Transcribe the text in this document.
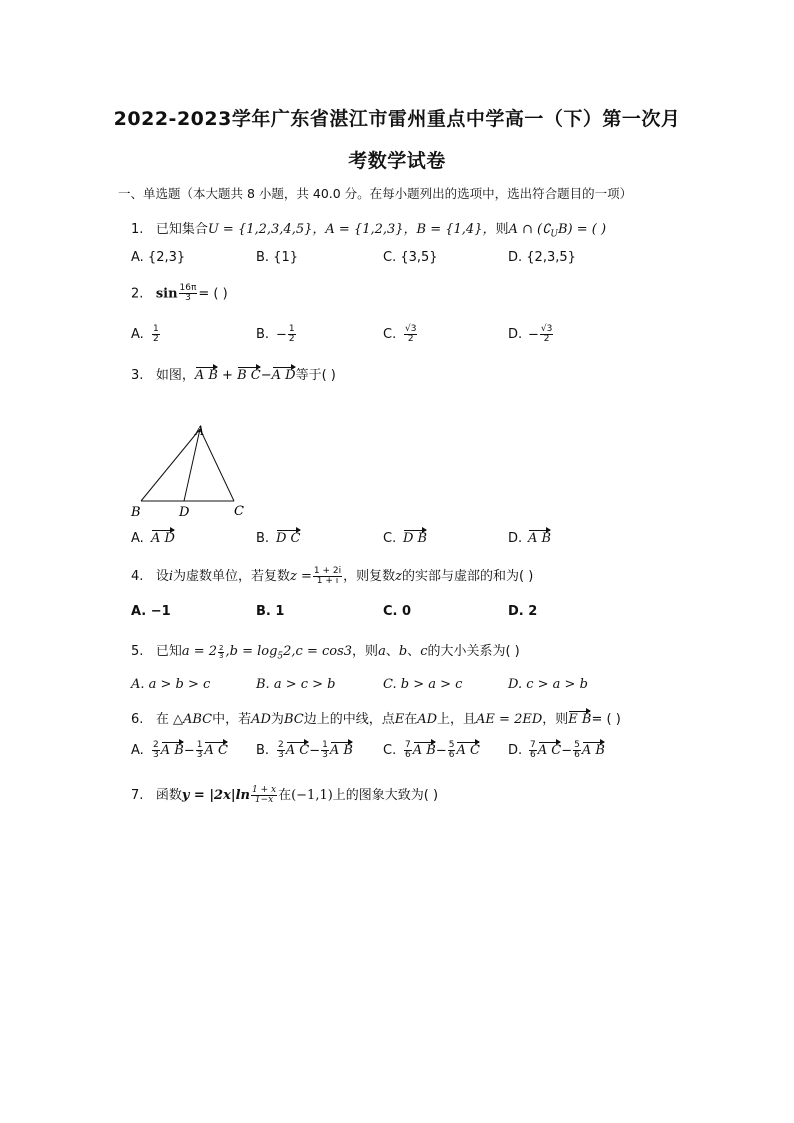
2022-2023学年广东省湛江市雷州重点中学高一（下）第一次月
考数学试卷
一、单选题（本大题共 8 小题，共 40.0 分。在每小题列出的选项中，选出符合题目的一项）
1. 已知集合U = {1,2,3,4,5}，A = {1,2,3}，B = {1,4}，则A ∩ $(∁_UB)$ = ( )
A. {2,3}	B. {1}	C. {3,5}	D. {2,3,5}
2. $\sin \frac{16\pi}{3}$ = ( )
A. $\frac{1}{2}$	B. − $\frac{1}{2}$	C. $\frac{√3}{2}$	D. − $\frac{√3}{2}$
3. 如图，A B + B C−A D等于( )
A
B	D	C
A. A D	B. D C	C. D B	D. A B
4. 设i为虚数单位，若复数$z = \frac{1 + 2i}{1 + i}$ ，则复数z的实部与虚部的和为( )
A. −1	B. 1	C. 0	D. 2
5. 已知$a = 2 \frac{2}{3} ,b = \log_52,c = \cos 3$，则a、b、c的大小关系为( )
A. a > b > c	B. a > c > b	C. b > a > c	D. c > a > b
6. 在 △ABC中，若AD为BC边上的中线，点E在AD上，且AE = 2ED，则E B= ( )
A. $\frac{2}{3}$ A $B- \frac{1}{3}$ A C B. $\frac{2}{3}$ A $C- \frac{1}{3}$ A B C. $\frac{7}{6}$ A $B- \frac{5}{6}$ A C D. $\frac{7}{6}$ A $C- \frac{5}{6}$ A B
7. 函数$y = |2x|\ln \frac{1 + x}{1-x}$ 在(−1,1)上的图象大致为( )
